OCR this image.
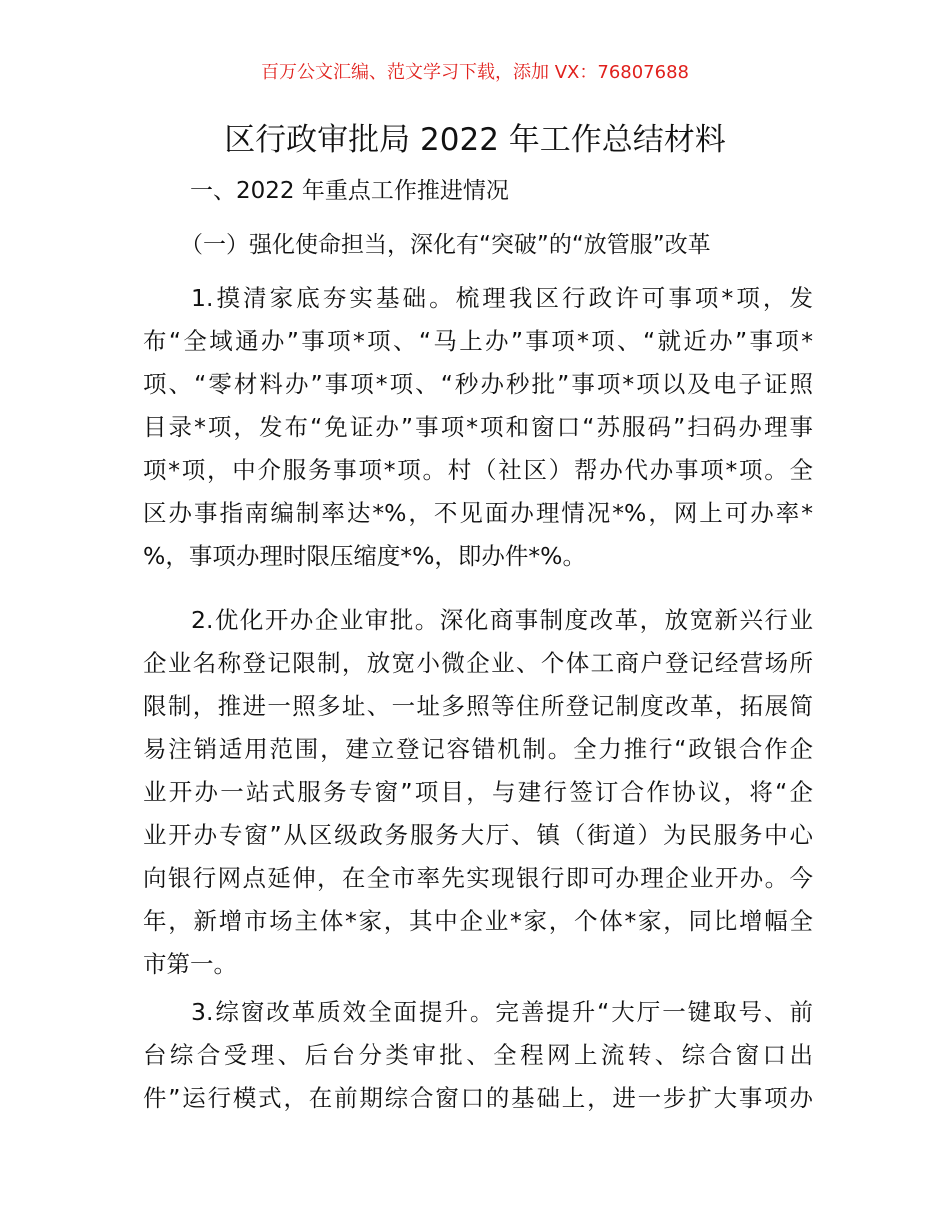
百万公文汇编、范文学习下载，添加 VX：76807688
区行政审批局 2022 年工作总结材料
一、2022 年重点工作推进情况
（一）强化使命担当，深化有“突破”的“放管服”改革
1.摸清家底夯实基础。梳理我区行政许可事项*项，发
布“全域通办”事项*项、“马上办”事项*项、“就近办”事项*
项、“零材料办”事项*项、“秒办秒批”事项*项以及电子证照
目录*项，发布“免证办”事项*项和窗口“苏服码”扫码办理事
项*项，中介服务事项*项。村（社区）帮办代办事项*项。全
区办事指南编制率达*%，不见面办理情况*%，网上可办率*
%，事项办理时限压缩度*%，即办件*%。
2.优化开办企业审批。深化商事制度改革，放宽新兴行业
企业名称登记限制，放宽小微企业、个体工商户登记经营场所
限制，推进一照多址、一址多照等住所登记制度改革，拓展简
易注销适用范围，建立登记容错机制。全力推行“政银合作企
业开办一站式服务专窗”项目，与建行签订合作协议，将“企
业开办专窗”从区级政务服务大厅、镇（街道）为民服务中心
向银行网点延伸，在全市率先实现银行即可办理企业开办。今
年，新增市场主体*家，其中企业*家，个体*家，同比增幅全
市第一。
3.综窗改革质效全面提升。完善提升“大厅一键取号、前
台综合受理、后台分类审批、全程网上流转、综合窗口出
件”运行模式，在前期综合窗口的基础上，进一步扩大事项办
